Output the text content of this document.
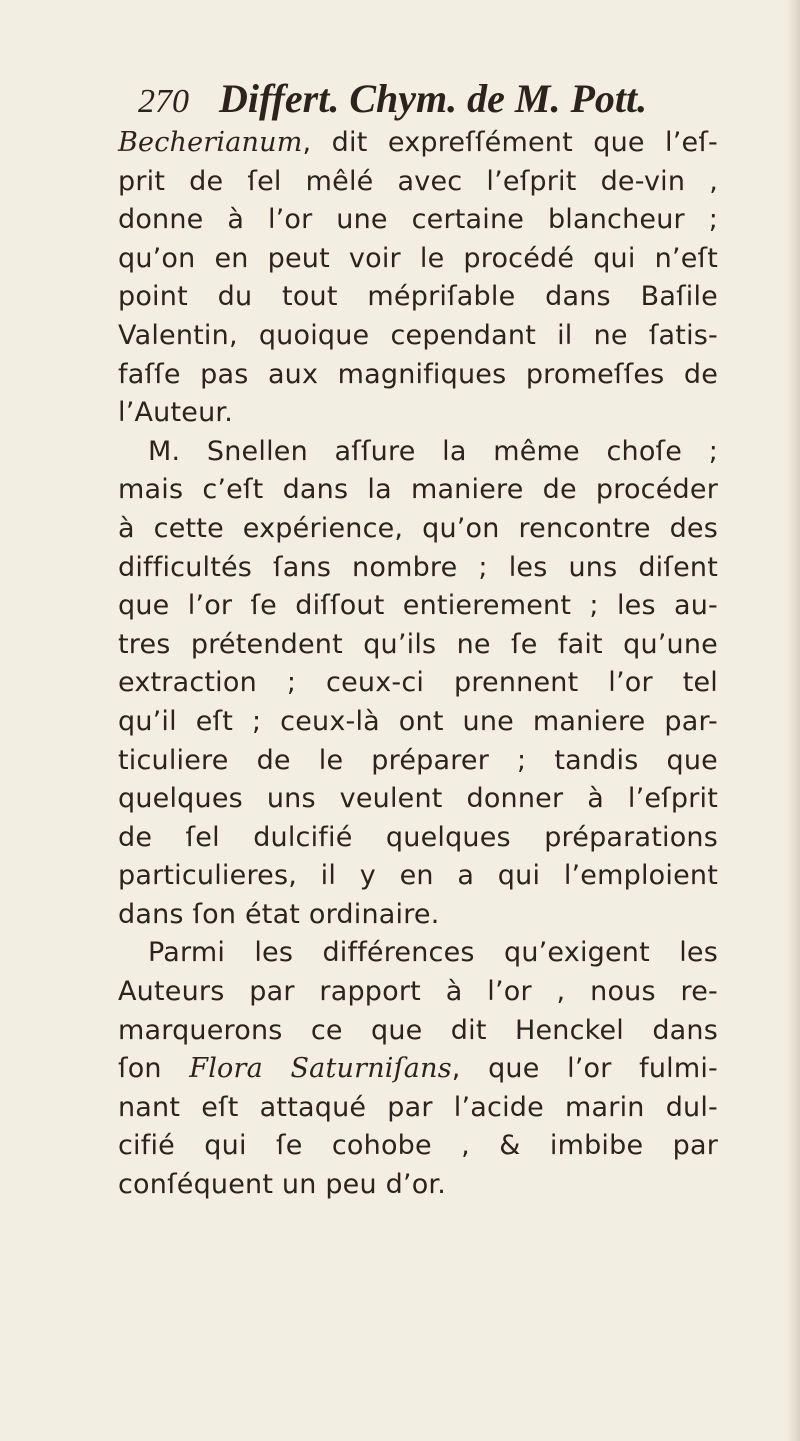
270 Differt. Chym. de M. Pott.
Becherianum, dit expreſſément que l’eſ-
prit de ſel mêlé avec l’eſprit de-vin ,
donne à l’or une certaine blancheur ;
qu’on en peut voir le procédé qui n’eſt
point du tout mépriſable dans Baſile
Valentin, quoique cependant il ne ſatis-
faſſe pas aux magnifiques promeſſes de
l’Auteur.
M. Snellen aſſure la même choſe ;
mais c’eſt dans la maniere de procéder
à cette expérience, qu’on rencontre des
difficultés ſans nombre ; les uns diſent
que l’or ſe diſſout entierement ; les au-
tres prétendent qu’ils ne ſe fait qu’une
extraction ; ceux-ci prennent l’or tel
qu’il eſt ; ceux-là ont une maniere par-
ticuliere de le préparer ; tandis que
quelques uns veulent donner à l’eſprit
de ſel dulcifié quelques préparations
particulieres, il y en a qui l’emploient
dans ſon état ordinaire.
Parmi les différences qu’exigent les
Auteurs par rapport à l’or , nous re-
marquerons ce que dit Henckel dans
ſon Flora Saturniſans, que l’or fulmi-
nant eſt attaqué par l’acide marin dul-
cifié qui ſe cohobe , & imbibe par
conſéquent un peu d’or.
